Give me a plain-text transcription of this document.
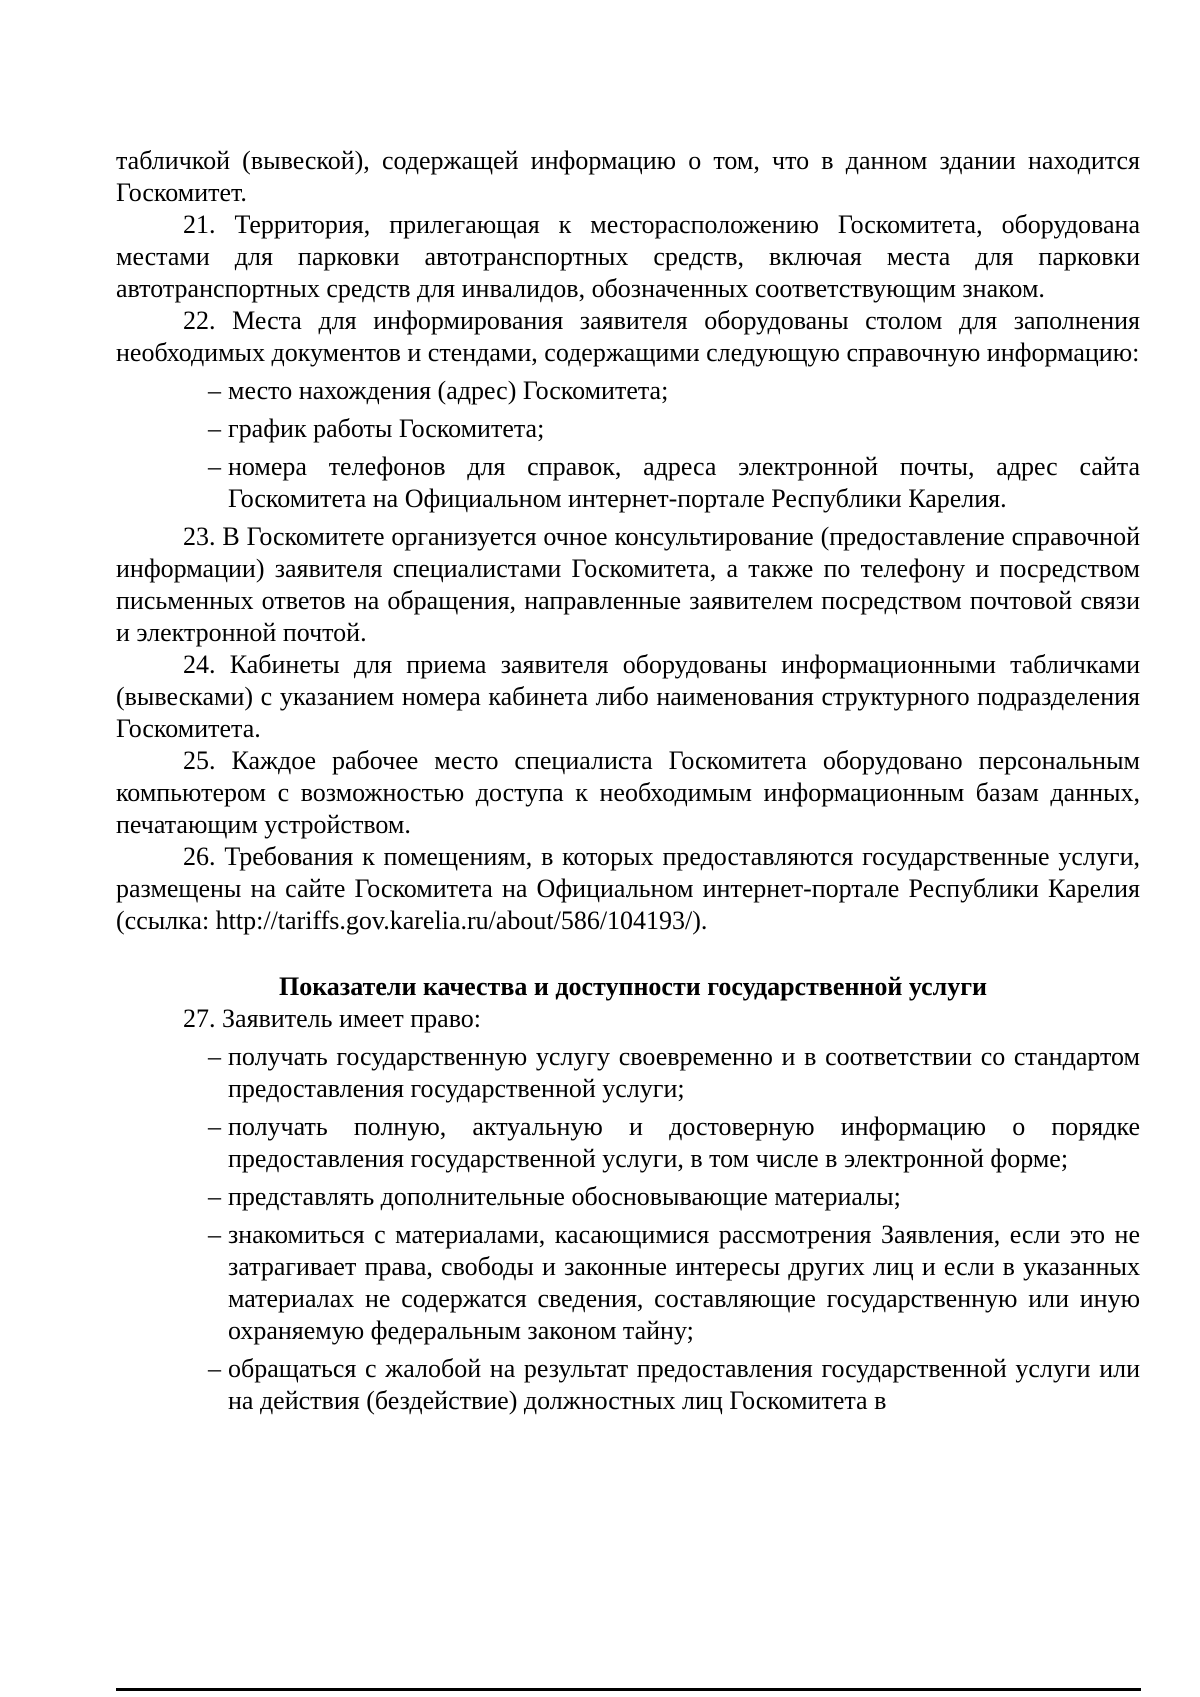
табличкой (вывеской), содержащей информацию о том, что в данном здании находится Госкомитет.

21. Территория, прилегающая к месторасположению Госкомитета, оборудована местами для парковки автотранспортных средств, включая места для парковки автотранспортных средств для инвалидов, обозначенных соответствующим знаком.

22. Места для информирования заявителя оборудованы столом для заполнения необходимых документов и стендами, содержащими следующую справочную информацию:

– место нахождения (адрес) Госкомитета;
– график работы Госкомитета;
– номера телефонов для справок, адреса электронной почты, адрес сайта Госкомитета на Официальном интернет-портале Республики Карелия.

23. В Госкомитете организуется очное консультирование (предоставление справочной информации) заявителя специалистами Госкомитета, а также по телефону и посредством письменных ответов на обращения, направленные заявителем посредством почтовой связи и электронной почтой.

24. Кабинеты для приема заявителя оборудованы информационными табличками (вывесками) с указанием номера кабинета либо наименования структурного подразделения Госкомитета.

25. Каждое рабочее место специалиста Госкомитета оборудовано персональным компьютером с возможностью доступа к необходимым информационным базам данных, печатающим устройством.

26. Требования к помещениям, в которых предоставляются государственные услуги, размещены на сайте Госкомитета на Официальном интернет-портале Республики Карелия (ссылка: http://tariffs.gov.karelia.ru/about/586/104193/).

Показатели качества и доступности государственной услуги

27. Заявитель имеет право:

– получать государственную услугу своевременно и в соответствии со стандартом предоставления государственной услуги;
– получать полную, актуальную и достоверную информацию о порядке предоставления государственной услуги, в том числе в электронной форме;
– представлять дополнительные обосновывающие материалы;
– знакомиться с материалами, касающимися рассмотрения Заявления, если это не затрагивает права, свободы и законные интересы других лиц и если в указанных материалах не содержатся сведения, составляющие государственную или иную охраняемую федеральным законом тайну;
– обращаться с жалобой на результат предоставления государственной услуги или на действия (бездействие) должностных лиц Госкомитета в
